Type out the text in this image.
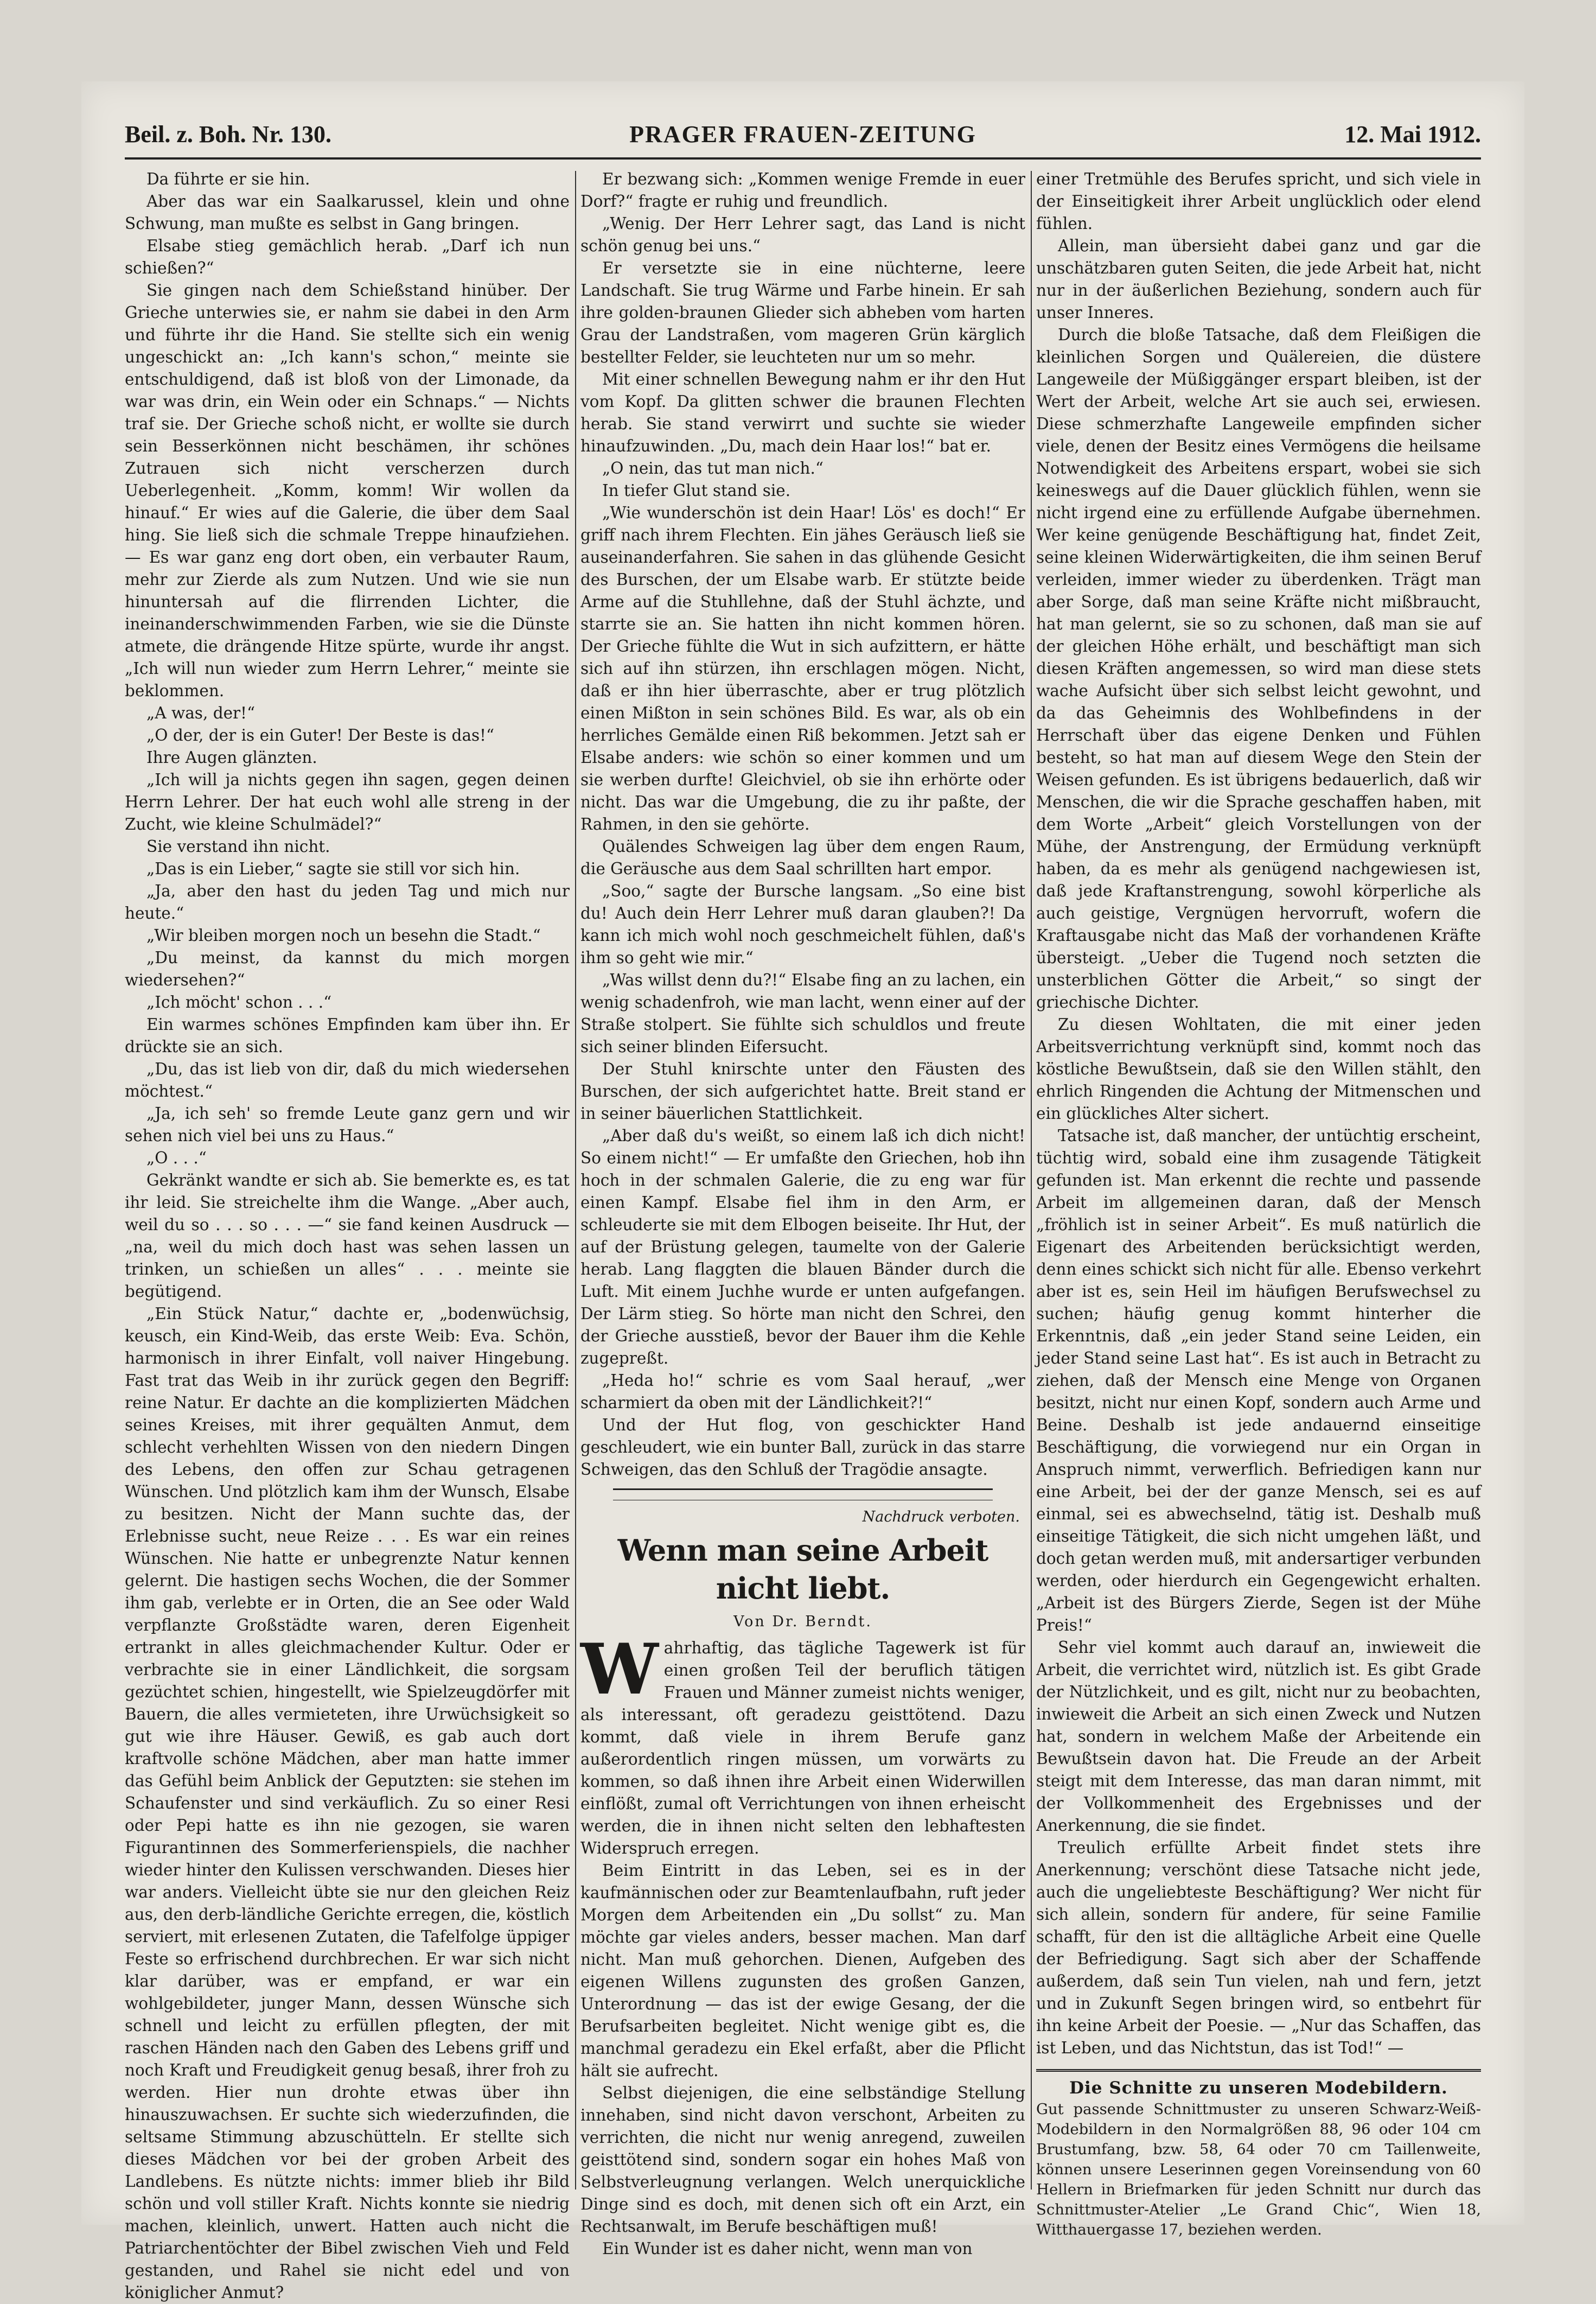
Beil. z. Boh. Nr. 130.	PRAGER FRAUEN-ZEITUNG	12. Mai 1912.

Da führte er sie hin.

Aber das war ein Saalkarussel, klein und ohne Schwung, man mußte es selbst in Gang bringen.

Elsabe stieg gemächlich herab. „Darf ich nun schießen?“

Sie gingen nach dem Schießstand hinüber. Der Grieche unterwies sie, er nahm sie dabei in den Arm und führte ihr die Hand. Sie stellte sich ein wenig ungeschickt an: „Ich kann's schon,“ meinte sie entschuldigend, daß ist bloß von der Limonade, da war was drin, ein Wein oder ein Schnaps.“ — Nichts traf sie. Der Grieche schoß nicht, er wollte sie durch sein Besserkönnen nicht beschämen, ihr schönes Zutrauen sich nicht verscherzen durch Ueberlegenheit. „Komm, komm! Wir wollen da hinauf.“ Er wies auf die Galerie, die über dem Saal hing. Sie ließ sich die schmale Treppe hinaufziehen. — Es war ganz eng dort oben, ein verbauter Raum, mehr zur Zierde als zum Nutzen. Und wie sie nun hinuntersah auf die flirrenden Lichter, die ineinanderschwimmenden Farben, wie sie die Dünste atmete, die drängende Hitze spürte, wurde ihr angst. „Ich will nun wieder zum Herrn Lehrer,“ meinte sie beklommen.

„A was, der!“

„O der, der is ein Guter! Der Beste is das!“

Ihre Augen glänzten.

„Ich will ja nichts gegen ihn sagen, gegen deinen Herrn Lehrer. Der hat euch wohl alle streng in der Zucht, wie kleine Schulmädel?“

Sie verstand ihn nicht.

„Das is ein Lieber,“ sagte sie still vor sich hin.

„Ja, aber den hast du jeden Tag und mich nur heute.“

„Wir bleiben morgen noch un besehn die Stadt.“

„Du meinst, da kannst du mich morgen wiedersehen?“

„Ich möcht' schon . . .“

Ein warmes schönes Empfinden kam über ihn. Er drückte sie an sich.

„Du, das ist lieb von dir, daß du mich wiedersehen möchtest.“

„Ja, ich seh' so fremde Leute ganz gern und wir sehen nich viel bei uns zu Haus.“

„O . . .“

Gekränkt wandte er sich ab. Sie bemerkte es, es tat ihr leid. Sie streichelte ihm die Wange. „Aber auch, weil du so . . . so . . . —“ sie fand keinen Ausdruck — „na, weil du mich doch hast was sehen lassen un trinken, un schießen un alles“ . . . meinte sie begütigend.

„Ein Stück Natur,“ dachte er, „bodenwüchsig, keusch, ein Kind-Weib, das erste Weib: Eva. Schön, harmonisch in ihrer Einfalt, voll naiver Hingebung. Fast trat das Weib in ihr zurück gegen den Begriff: reine Natur. Er dachte an die komplizierten Mädchen seines Kreises, mit ihrer gequälten Anmut, dem schlecht verhehlten Wissen von den niedern Dingen des Lebens, den offen zur Schau getragenen Wünschen. Und plötzlich kam ihm der Wunsch, Elsabe zu besitzen. Nicht der Mann suchte das, der Erlebnisse sucht, neue Reize . . . Es war ein reines Wünschen. Nie hatte er unbegrenzte Natur kennen gelernt. Die hastigen sechs Wochen, die der Sommer ihm gab, verlebte er in Orten, die an See oder Wald verpflanzte Großstädte waren, deren Eigenheit ertrankt in alles gleichmachender Kultur. Oder er verbrachte sie in einer Ländlichkeit, die sorgsam gezüchtet schien, hingestellt, wie Spielzeugdörfer mit Bauern, die alles vermieteten, ihre Urwüchsigkeit so gut wie ihre Häuser. Gewiß, es gab auch dort kraftvolle schöne Mädchen, aber man hatte immer das Gefühl beim Anblick der Geputzten: sie stehen im Schaufenster und sind verkäuflich. Zu so einer Resi oder Pepi hatte es ihn nie gezogen, sie waren Figurantinnen des Sommerferienspiels, die nachher wieder hinter den Kulissen verschwanden. Dieses hier war anders. Vielleicht übte sie nur den gleichen Reiz aus, den derb-ländliche Gerichte erregen, die, köstlich serviert, mit erlesenen Zutaten, die Tafelfolge üppiger Feste so erfrischend durchbrechen. Er war sich nicht klar darüber, was er empfand, er war ein wohlgebildeter, junger Mann, dessen Wünsche sich schnell und leicht zu erfüllen pflegten, der mit raschen Händen nach den Gaben des Lebens griff und noch Kraft und Freudigkeit genug besaß, ihrer froh zu werden. Hier nun drohte etwas über ihn hinauszuwachsen. Er suchte sich wiederzufinden, die seltsame Stimmung abzuschütteln. Er stellte sich dieses Mädchen vor bei der groben Arbeit des Landlebens. Es nützte nichts: immer blieb ihr Bild schön und voll stiller Kraft. Nichts konnte sie niedrig machen, kleinlich, unwert. Hatten auch nicht die Patriarchentöchter der Bibel zwischen Vieh und Feld gestanden, und Rahel sie nicht edel und von königlicher Anmut?

Er bezwang sich: „Kommen wenige Fremde in euer Dorf?“ fragte er ruhig und freundlich.

„Wenig. Der Herr Lehrer sagt, das Land is nicht schön genug bei uns.“

Er versetzte sie in eine nüchterne, leere Landschaft. Sie trug Wärme und Farbe hinein. Er sah ihre golden-braunen Glieder sich abheben vom harten Grau der Landstraßen, vom mageren Grün kärglich bestellter Felder, sie leuchteten nur um so mehr.

Mit einer schnellen Bewegung nahm er ihr den Hut vom Kopf. Da glitten schwer die braunen Flechten herab. Sie stand verwirrt und suchte sie wieder hinaufzuwinden. „Du, mach dein Haar los!“ bat er.

„O nein, das tut man nich.“

In tiefer Glut stand sie.

„Wie wunderschön ist dein Haar! Lös' es doch!“ Er griff nach ihrem Flechten. Ein jähes Geräusch ließ sie auseinanderfahren. Sie sahen in das glühende Gesicht des Burschen, der um Elsabe warb. Er stützte beide Arme auf die Stuhllehne, daß der Stuhl ächzte, und starrte sie an. Sie hatten ihn nicht kommen hören. Der Grieche fühlte die Wut in sich aufzittern, er hätte sich auf ihn stürzen, ihn erschlagen mögen. Nicht, daß er ihn hier überraschte, aber er trug plötzlich einen Mißton in sein schönes Bild. Es war, als ob ein herrliches Gemälde einen Riß bekommen. Jetzt sah er Elsabe anders: wie schön so einer kommen und um sie werben durfte! Gleichviel, ob sie ihn erhörte oder nicht. Das war die Umgebung, die zu ihr paßte, der Rahmen, in den sie gehörte.

Quälendes Schweigen lag über dem engen Raum, die Geräusche aus dem Saal schrillten hart empor.

„Soo,“ sagte der Bursche langsam. „So eine bist du! Auch dein Herr Lehrer muß daran glauben?! Da kann ich mich wohl noch geschmeichelt fühlen, daß's ihm so geht wie mir.“

„Was willst denn du?!“ Elsabe fing an zu lachen, ein wenig schadenfroh, wie man lacht, wenn einer auf der Straße stolpert. Sie fühlte sich schuldlos und freute sich seiner blinden Eifersucht.

Der Stuhl knirschte unter den Fäusten des Burschen, der sich aufgerichtet hatte. Breit stand er in seiner bäuerlichen Stattlichkeit.

„Aber daß du's weißt, so einem laß ich dich nicht! So einem nicht!“ — Er umfaßte den Griechen, hob ihn hoch in der schmalen Galerie, die zu eng war für einen Kampf. Elsabe fiel ihm in den Arm, er schleuderte sie mit dem Elbogen beiseite. Ihr Hut, der auf der Brüstung gelegen, taumelte von der Galerie herab. Lang flaggten die blauen Bänder durch die Luft. Mit einem Juchhe wurde er unten aufgefangen. Der Lärm stieg. So hörte man nicht den Schrei, den der Grieche ausstieß, bevor der Bauer ihm die Kehle zugepreßt.

„Heda ho!“ schrie es vom Saal herauf, „wer scharmiert da oben mit der Ländlichkeit?!“

Und der Hut flog, von geschickter Hand geschleudert, wie ein bunter Ball, zurück in das starre Schweigen, das den Schluß der Tragödie ansagte.

Nachdruck verboten.
Wenn man seine Arbeit nicht liebt.
Von Dr. Berndt.

Wahrhaftig, das tägliche Tagewerk ist für einen großen Teil der beruflich tätigen Frauen und Männer zumeist nichts weniger, als interessant, oft geradezu geisttötend. Dazu kommt, daß viele in ihrem Berufe ganz außerordentlich ringen müssen, um vorwärts zu kommen, so daß ihnen ihre Arbeit einen Widerwillen einflößt, zumal oft Verrichtungen von ihnen erheischt werden, die in ihnen nicht selten den lebhaftesten Widerspruch erregen.

Beim Eintritt in das Leben, sei es in der kaufmännischen oder zur Beamtenlaufbahn, ruft jeder Morgen dem Arbeitenden ein „Du sollst“ zu. Man möchte gar vieles anders, besser machen. Man darf nicht. Man muß gehorchen. Dienen, Aufgeben des eigenen Willens zugunsten des großen Ganzen, Unterordnung — das ist der ewige Gesang, der die Berufsarbeiten begleitet. Nicht wenige gibt es, die manchmal geradezu ein Ekel erfaßt, aber die Pflicht hält sie aufrecht.

Selbst diejenigen, die eine selbständige Stellung innehaben, sind nicht davon verschont, Arbeiten zu verrichten, die nicht nur wenig anregend, zuweilen geisttötend sind, sondern sogar ein hohes Maß von Selbstverleugnung verlangen. Welch unerquickliche Dinge sind es doch, mit denen sich oft ein Arzt, ein Rechtsanwalt, im Berufe beschäftigen muß!

Ein Wunder ist es daher nicht, wenn man von

einer Tretmühle des Berufes spricht, und sich viele in der Einseitigkeit ihrer Arbeit unglücklich oder elend fühlen.

Allein, man übersieht dabei ganz und gar die unschätzbaren guten Seiten, die jede Arbeit hat, nicht nur in der äußerlichen Beziehung, sondern auch für unser Inneres.

Durch die bloße Tatsache, daß dem Fleißigen die kleinlichen Sorgen und Quälereien, die düstere Langeweile der Müßiggänger erspart bleiben, ist der Wert der Arbeit, welche Art sie auch sei, erwiesen. Diese schmerzhafte Langeweile empfinden sicher viele, denen der Besitz eines Vermögens die heilsame Notwendigkeit des Arbeitens erspart, wobei sie sich keineswegs auf die Dauer glücklich fühlen, wenn sie nicht irgend eine zu erfüllende Aufgabe übernehmen. Wer keine genügende Beschäftigung hat, findet Zeit, seine kleinen Widerwärtigkeiten, die ihm seinen Beruf verleiden, immer wieder zu überdenken. Trägt man aber Sorge, daß man seine Kräfte nicht mißbraucht, hat man gelernt, sie so zu schonen, daß man sie auf der gleichen Höhe erhält, und beschäftigt man sich diesen Kräften angemessen, so wird man diese stets wache Aufsicht über sich selbst leicht gewohnt, und da das Geheimnis des Wohlbefindens in der Herrschaft über das eigene Denken und Fühlen besteht, so hat man auf diesem Wege den Stein der Weisen gefunden. Es ist übrigens bedauerlich, daß wir Menschen, die wir die Sprache geschaffen haben, mit dem Worte „Arbeit“ gleich Vorstellungen von der Mühe, der Anstrengung, der Ermüdung verknüpft haben, da es mehr als genügend nachgewiesen ist, daß jede Kraftanstrengung, sowohl körperliche als auch geistige, Vergnügen hervorruft, wofern die Kraftausgabe nicht das Maß der vorhandenen Kräfte übersteigt. „Ueber die Tugend noch setzten die unsterblichen Götter die Arbeit,“ so singt der griechische Dichter.

Zu diesen Wohltaten, die mit einer jeden Arbeitsverrichtung verknüpft sind, kommt noch das köstliche Bewußtsein, daß sie den Willen stählt, den ehrlich Ringenden die Achtung der Mitmenschen und ein glückliches Alter sichert.

Tatsache ist, daß mancher, der untüchtig erscheint, tüchtig wird, sobald eine ihm zusagende Tätigkeit gefunden ist. Man erkennt die rechte und passende Arbeit im allgemeinen daran, daß der Mensch „fröhlich ist in seiner Arbeit“. Es muß natürlich die Eigenart des Arbeitenden berücksichtigt werden, denn eines schickt sich nicht für alle. Ebenso verkehrt aber ist es, sein Heil im häufigen Berufswechsel zu suchen; häufig genug kommt hinterher die Erkenntnis, daß „ein jeder Stand seine Leiden, ein jeder Stand seine Last hat“. Es ist auch in Betracht zu ziehen, daß der Mensch eine Menge von Organen besitzt, nicht nur einen Kopf, sondern auch Arme und Beine. Deshalb ist jede andauernd einseitige Beschäftigung, die vorwiegend nur ein Organ in Anspruch nimmt, verwerflich. Befriedigen kann nur eine Arbeit, bei der der ganze Mensch, sei es auf einmal, sei es abwechselnd, tätig ist. Deshalb muß einseitige Tätigkeit, die sich nicht umgehen läßt, und doch getan werden muß, mit andersartiger verbunden werden, oder hierdurch ein Gegengewicht erhalten. „Arbeit ist des Bürgers Zierde, Segen ist der Mühe Preis!“

Sehr viel kommt auch darauf an, inwieweit die Arbeit, die verrichtet wird, nützlich ist. Es gibt Grade der Nützlichkeit, und es gilt, nicht nur zu beobachten, inwieweit die Arbeit an sich einen Zweck und Nutzen hat, sondern in welchem Maße der Arbeitende ein Bewußtsein davon hat. Die Freude an der Arbeit steigt mit dem Interesse, das man daran nimmt, mit der Vollkommenheit des Ergebnisses und der Anerkennung, die sie findet.

Treulich erfüllte Arbeit findet stets ihre Anerkennung; verschönt diese Tatsache nicht jede, auch die ungeliebteste Beschäftigung? Wer nicht für sich allein, sondern für andere, für seine Familie schafft, für den ist die alltägliche Arbeit eine Quelle der Befriedigung. Sagt sich aber der Schaffende außerdem, daß sein Tun vielen, nah und fern, jetzt und in Zukunft Segen bringen wird, so entbehrt für ihn keine Arbeit der Poesie. — „Nur das Schaffen, das ist Leben, und das Nichtstun, das ist Tod!“ —

Die Schnitte zu unseren Modebildern.

Gut passende Schnittmuster zu unseren Schwarz-Weiß-Modebildern in den Normalgrößen 88, 96 oder 104 cm Brustumfang, bzw. 58, 64 oder 70 cm Taillenweite, können unsere Leserinnen gegen Voreinsendung von 60 Hellern in Briefmarken für jeden Schnitt nur durch das Schnittmuster-Atelier „Le Grand Chic“, Wien 18, Witthauergasse 17, beziehen werden.
